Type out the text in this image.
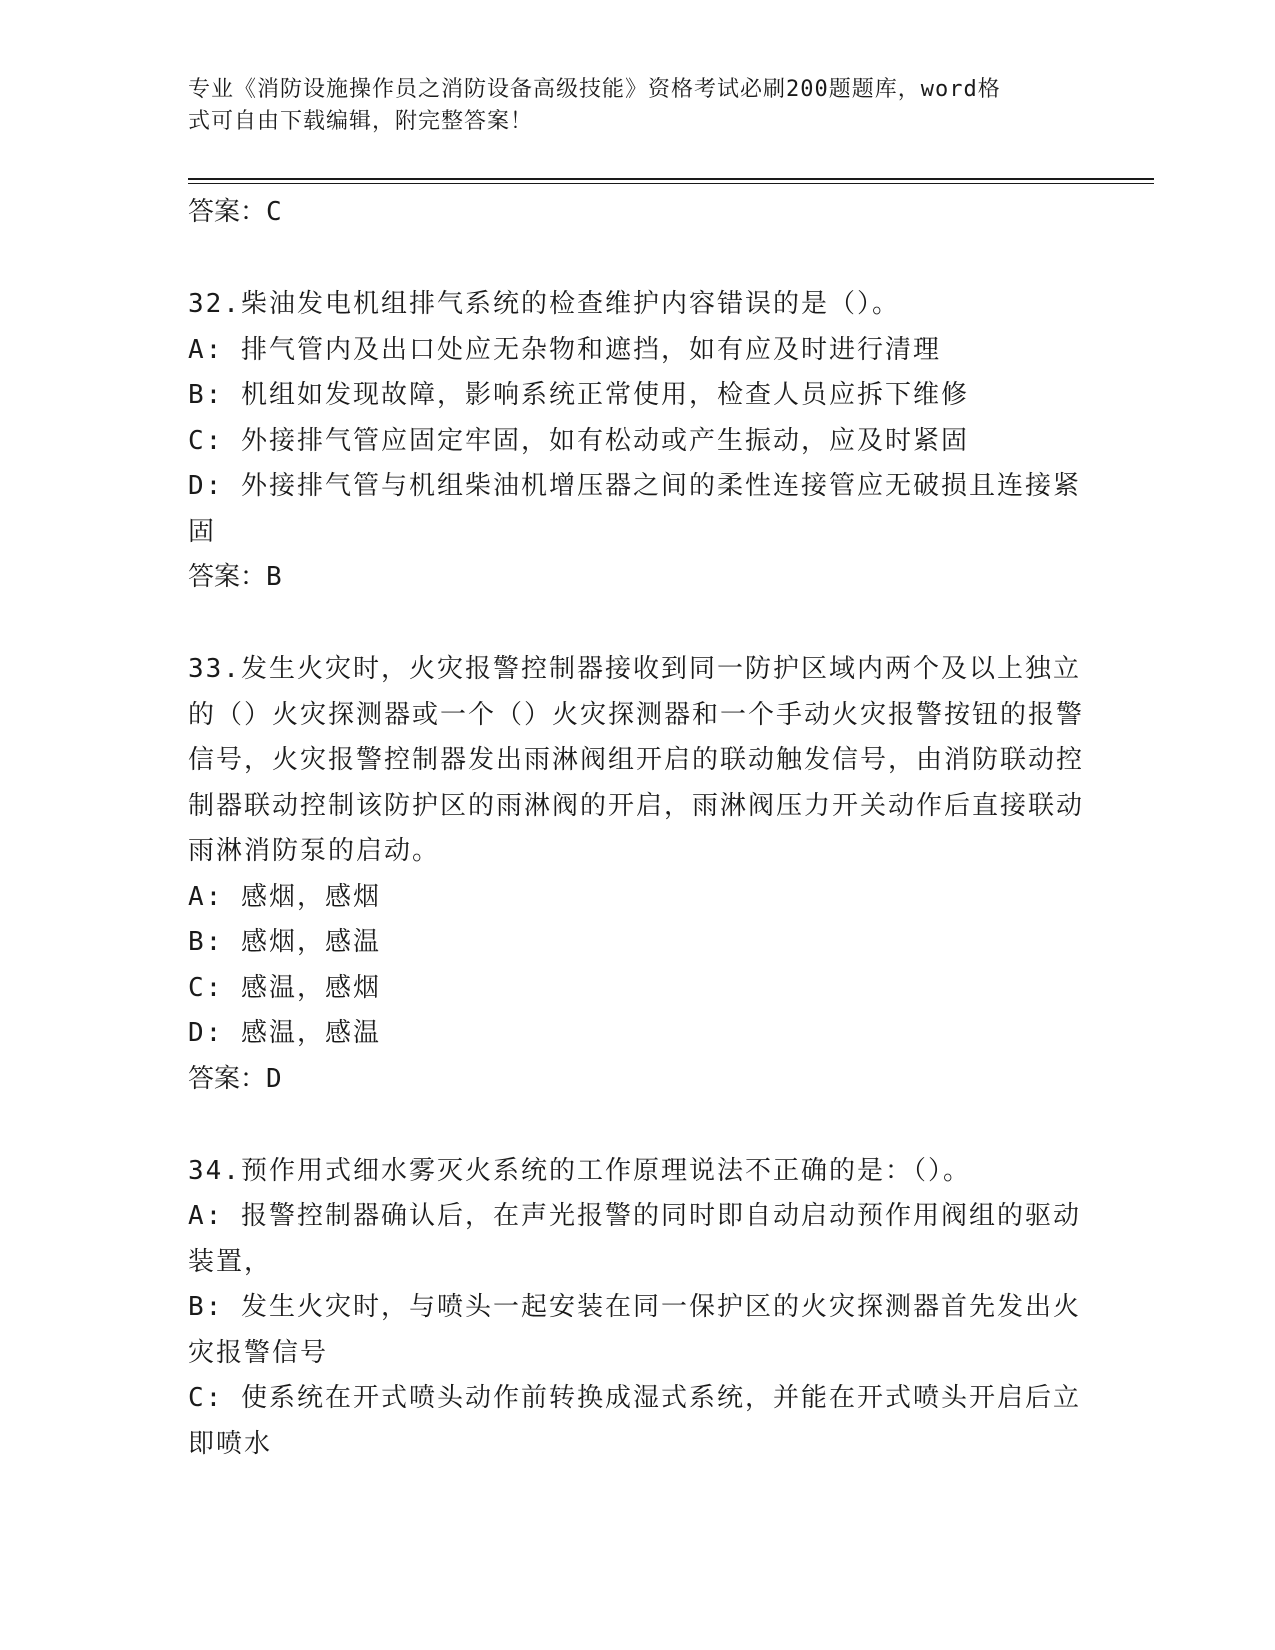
专业《消防设施操作员之消防设备高级技能》资格考试必刷200题题库，word格
式可自由下载编辑，附完整答案！
答案：C
32.柴油发电机组排气系统的检查维护内容错误的是（）。
A: 排气管内及出口处应无杂物和遮挡，如有应及时进行清理
B: 机组如发现故障，影响系统正常使用，检查人员应拆下维修
C: 外接排气管应固定牢固，如有松动或产生振动，应及时紧固
D: 外接排气管与机组柴油机增压器之间的柔性连接管应无破损且连接紧固
答案：B
33.发生火灾时，火灾报警控制器接收到同一防护区域内两个及以上独立的（）火灾探测器或一个（）火灾探测器和一个手动火灾报警按钮的报警信号，火灾报警控制器发出雨淋阀组开启的联动触发信号，由消防联动控制器联动控制该防护区的雨淋阀的开启，雨淋阀压力开关动作后直接联动雨淋消防泵的启动。
A: 感烟，感烟
B: 感烟，感温
C: 感温，感烟
D: 感温，感温
答案：D
34.预作用式细水雾灭火系统的工作原理说法不正确的是：（）。
A: 报警控制器确认后，在声光报警的同时即自动启动预作用阀组的驱动装置，
B: 发生火灾时，与喷头一起安装在同一保护区的火灾探测器首先发出火灾报警信号
C: 使系统在开式喷头动作前转换成湿式系统，并能在开式喷头开启后立即喷水
